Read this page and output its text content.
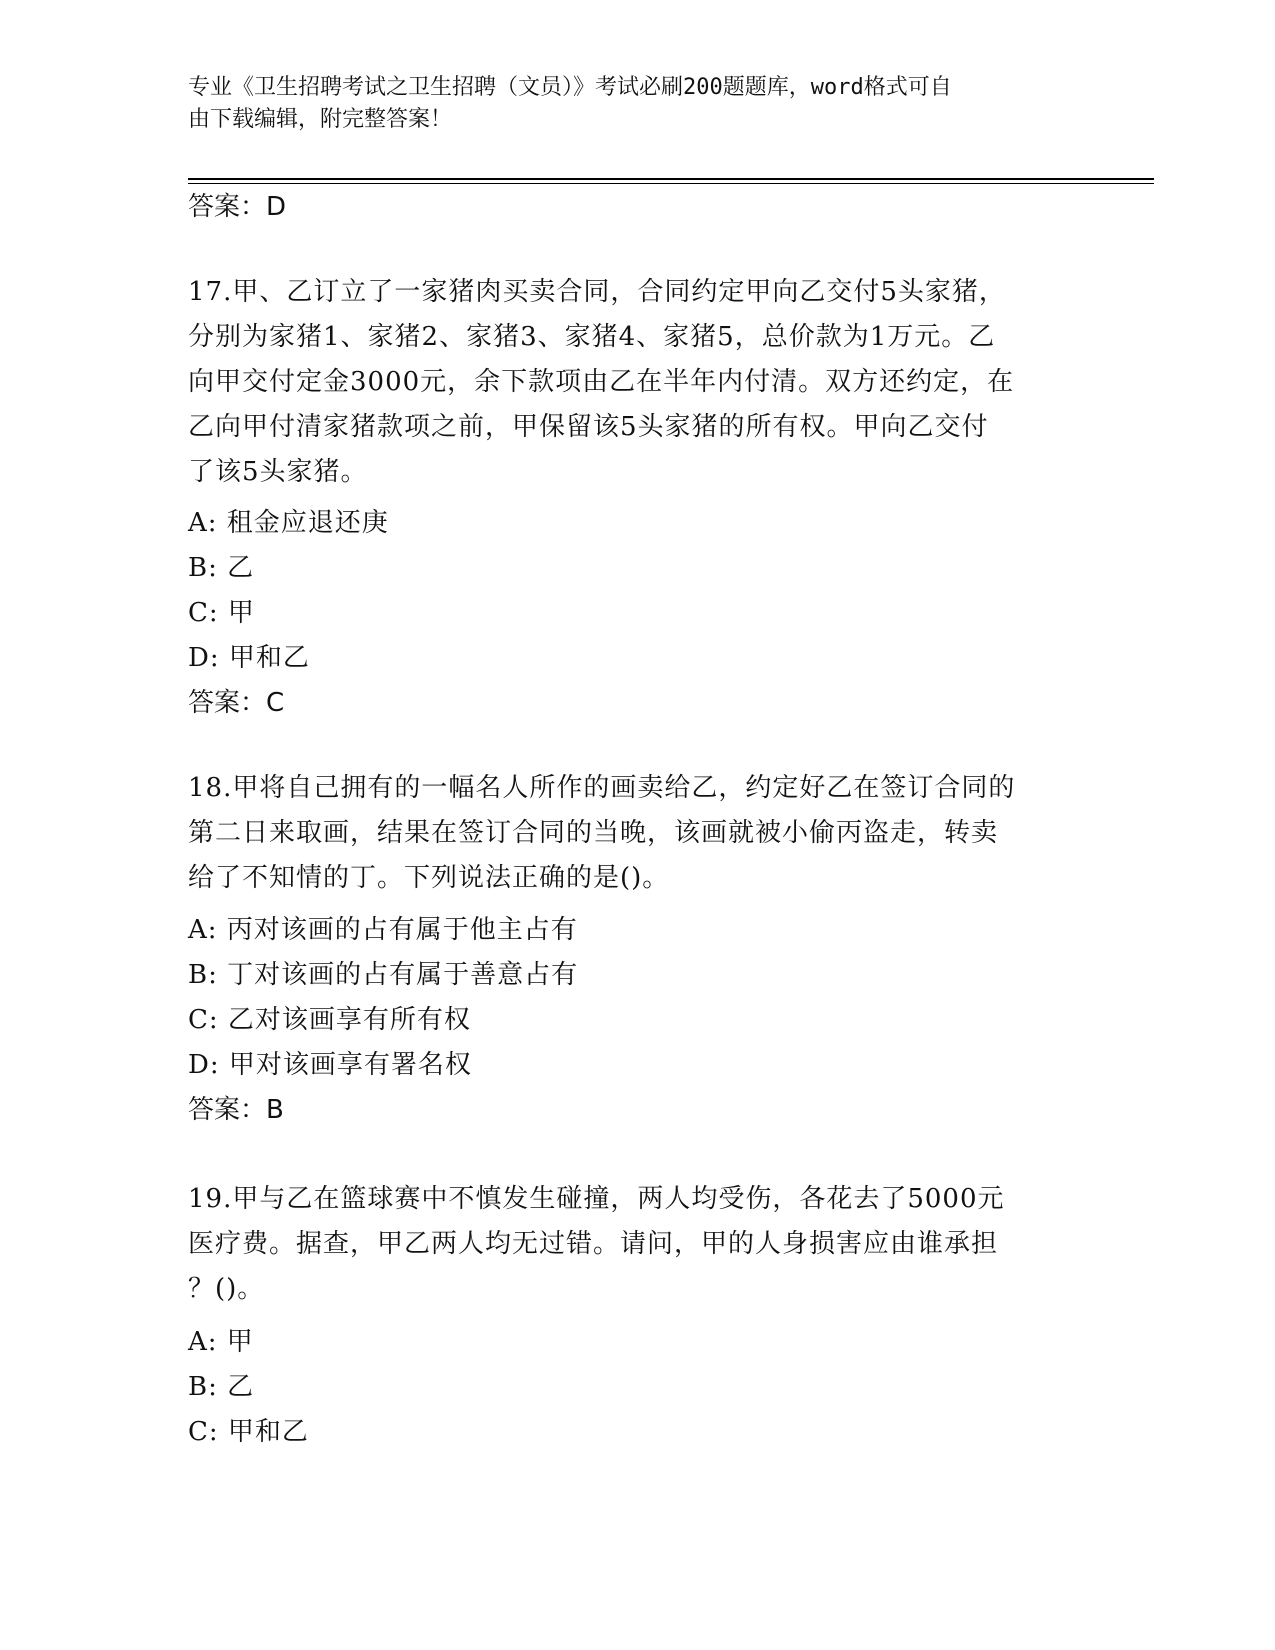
专业《卫生招聘考试之卫生招聘（文员）》考试必刷200题题库，word格式可自
由下载编辑，附完整答案！
答案：D
17.甲、乙订立了一家猪肉买卖合同，合同约定甲向乙交付5头家猪，
分别为家猪1、家猪2、家猪3、家猪4、家猪5，总价款为1万元。乙
向甲交付定金3000元，余下款项由乙在半年内付清。双方还约定，在
乙向甲付清家猪款项之前，甲保留该5头家猪的所有权。甲向乙交付
了该5头家猪。
A: 租金应退还庚
B: 乙
C: 甲
D: 甲和乙
答案：C
18.甲将自己拥有的一幅名人所作的画卖给乙，约定好乙在签订合同的
第二日来取画，结果在签订合同的当晚，该画就被小偷丙盗走，转卖
给了不知情的丁。下列说法正确的是()。
A: 丙对该画的占有属于他主占有
B: 丁对该画的占有属于善意占有
C: 乙对该画享有所有权
D: 甲对该画享有署名权
答案：B
19.甲与乙在篮球赛中不慎发生碰撞，两人均受伤，各花去了5000元
医疗费。据查，甲乙两人均无过错。请问，甲的人身损害应由谁承担
？()。
A: 甲
B: 乙
C: 甲和乙
